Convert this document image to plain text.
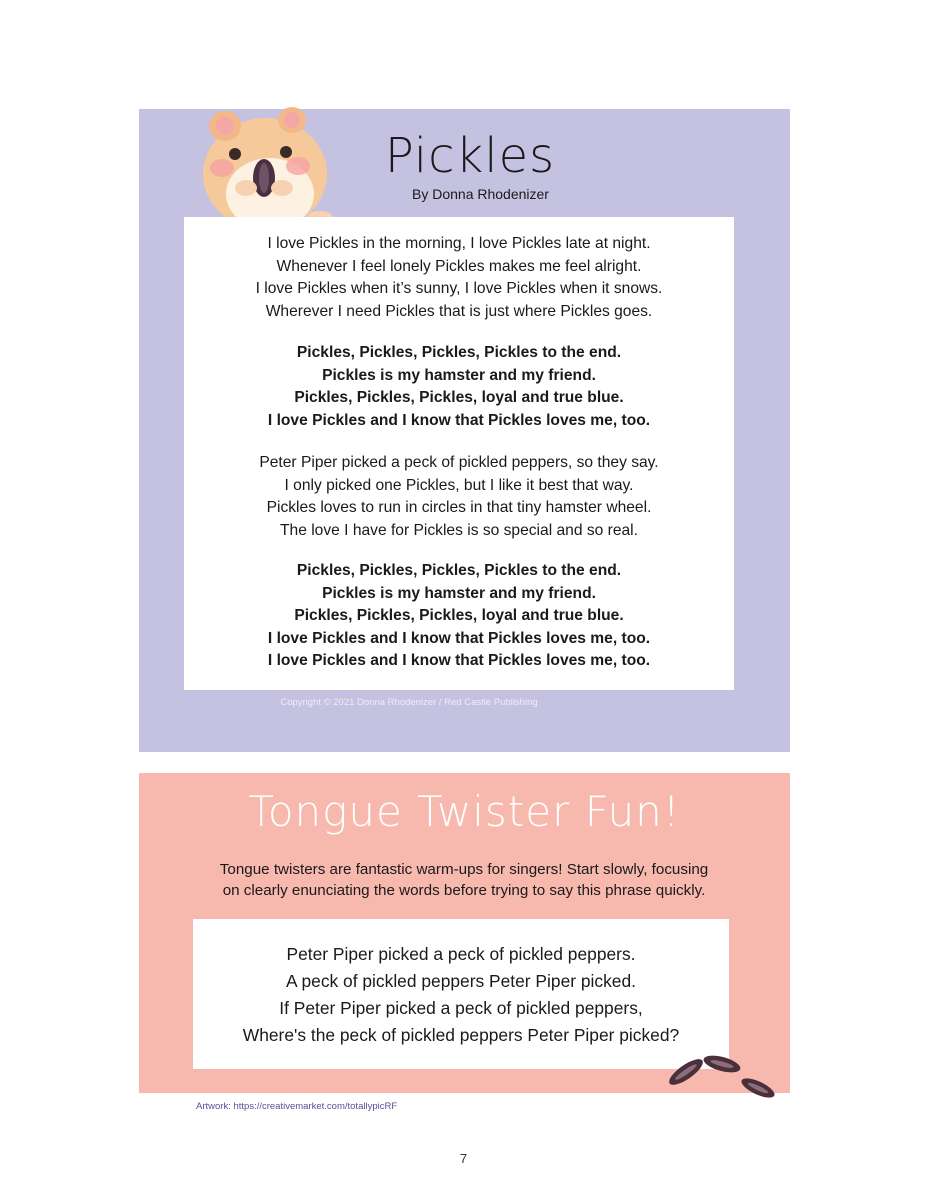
Pickles
By Donna Rhodenizer
I love Pickles in the morning, I love Pickles late at night.
Whenever I feel lonely Pickles makes me feel alright.
I love Pickles when it’s sunny, I love Pickles when it snows.
Wherever I need Pickles that is just where Pickles goes.
Pickles, Pickles, Pickles, Pickles to the end.
Pickles is my hamster and my friend.
Pickles, Pickles, Pickles, loyal and true blue.
I love Pickles and I know that Pickles loves me, too.
Peter Piper picked a peck of pickled peppers, so they say.
I only picked one Pickles, but I like it best that way.
Pickles loves to run in circles in that tiny hamster wheel.
The love I have for Pickles is so special and so real.
Pickles, Pickles, Pickles, Pickles to the end.
Pickles is my hamster and my friend.
Pickles, Pickles, Pickles, loyal and true blue.
I love Pickles and I know that Pickles loves me, too.
I love Pickles and I know that Pickles loves me, too.
Copyright © 2021 Donna Rhodenizer / Red Castle Publishing
Tongue Twister Fun!
Tongue twisters are fantastic warm-ups for singers! Start slowly, focusing
on clearly enunciating the words before trying to say this phrase quickly.
Peter Piper picked a peck of pickled peppers.
A peck of pickled peppers Peter Piper picked.
If Peter Piper picked a peck of pickled peppers,
Where's the peck of pickled peppers Peter Piper picked?
Artwork: https://creativemarket.com/totallypicRF
7
